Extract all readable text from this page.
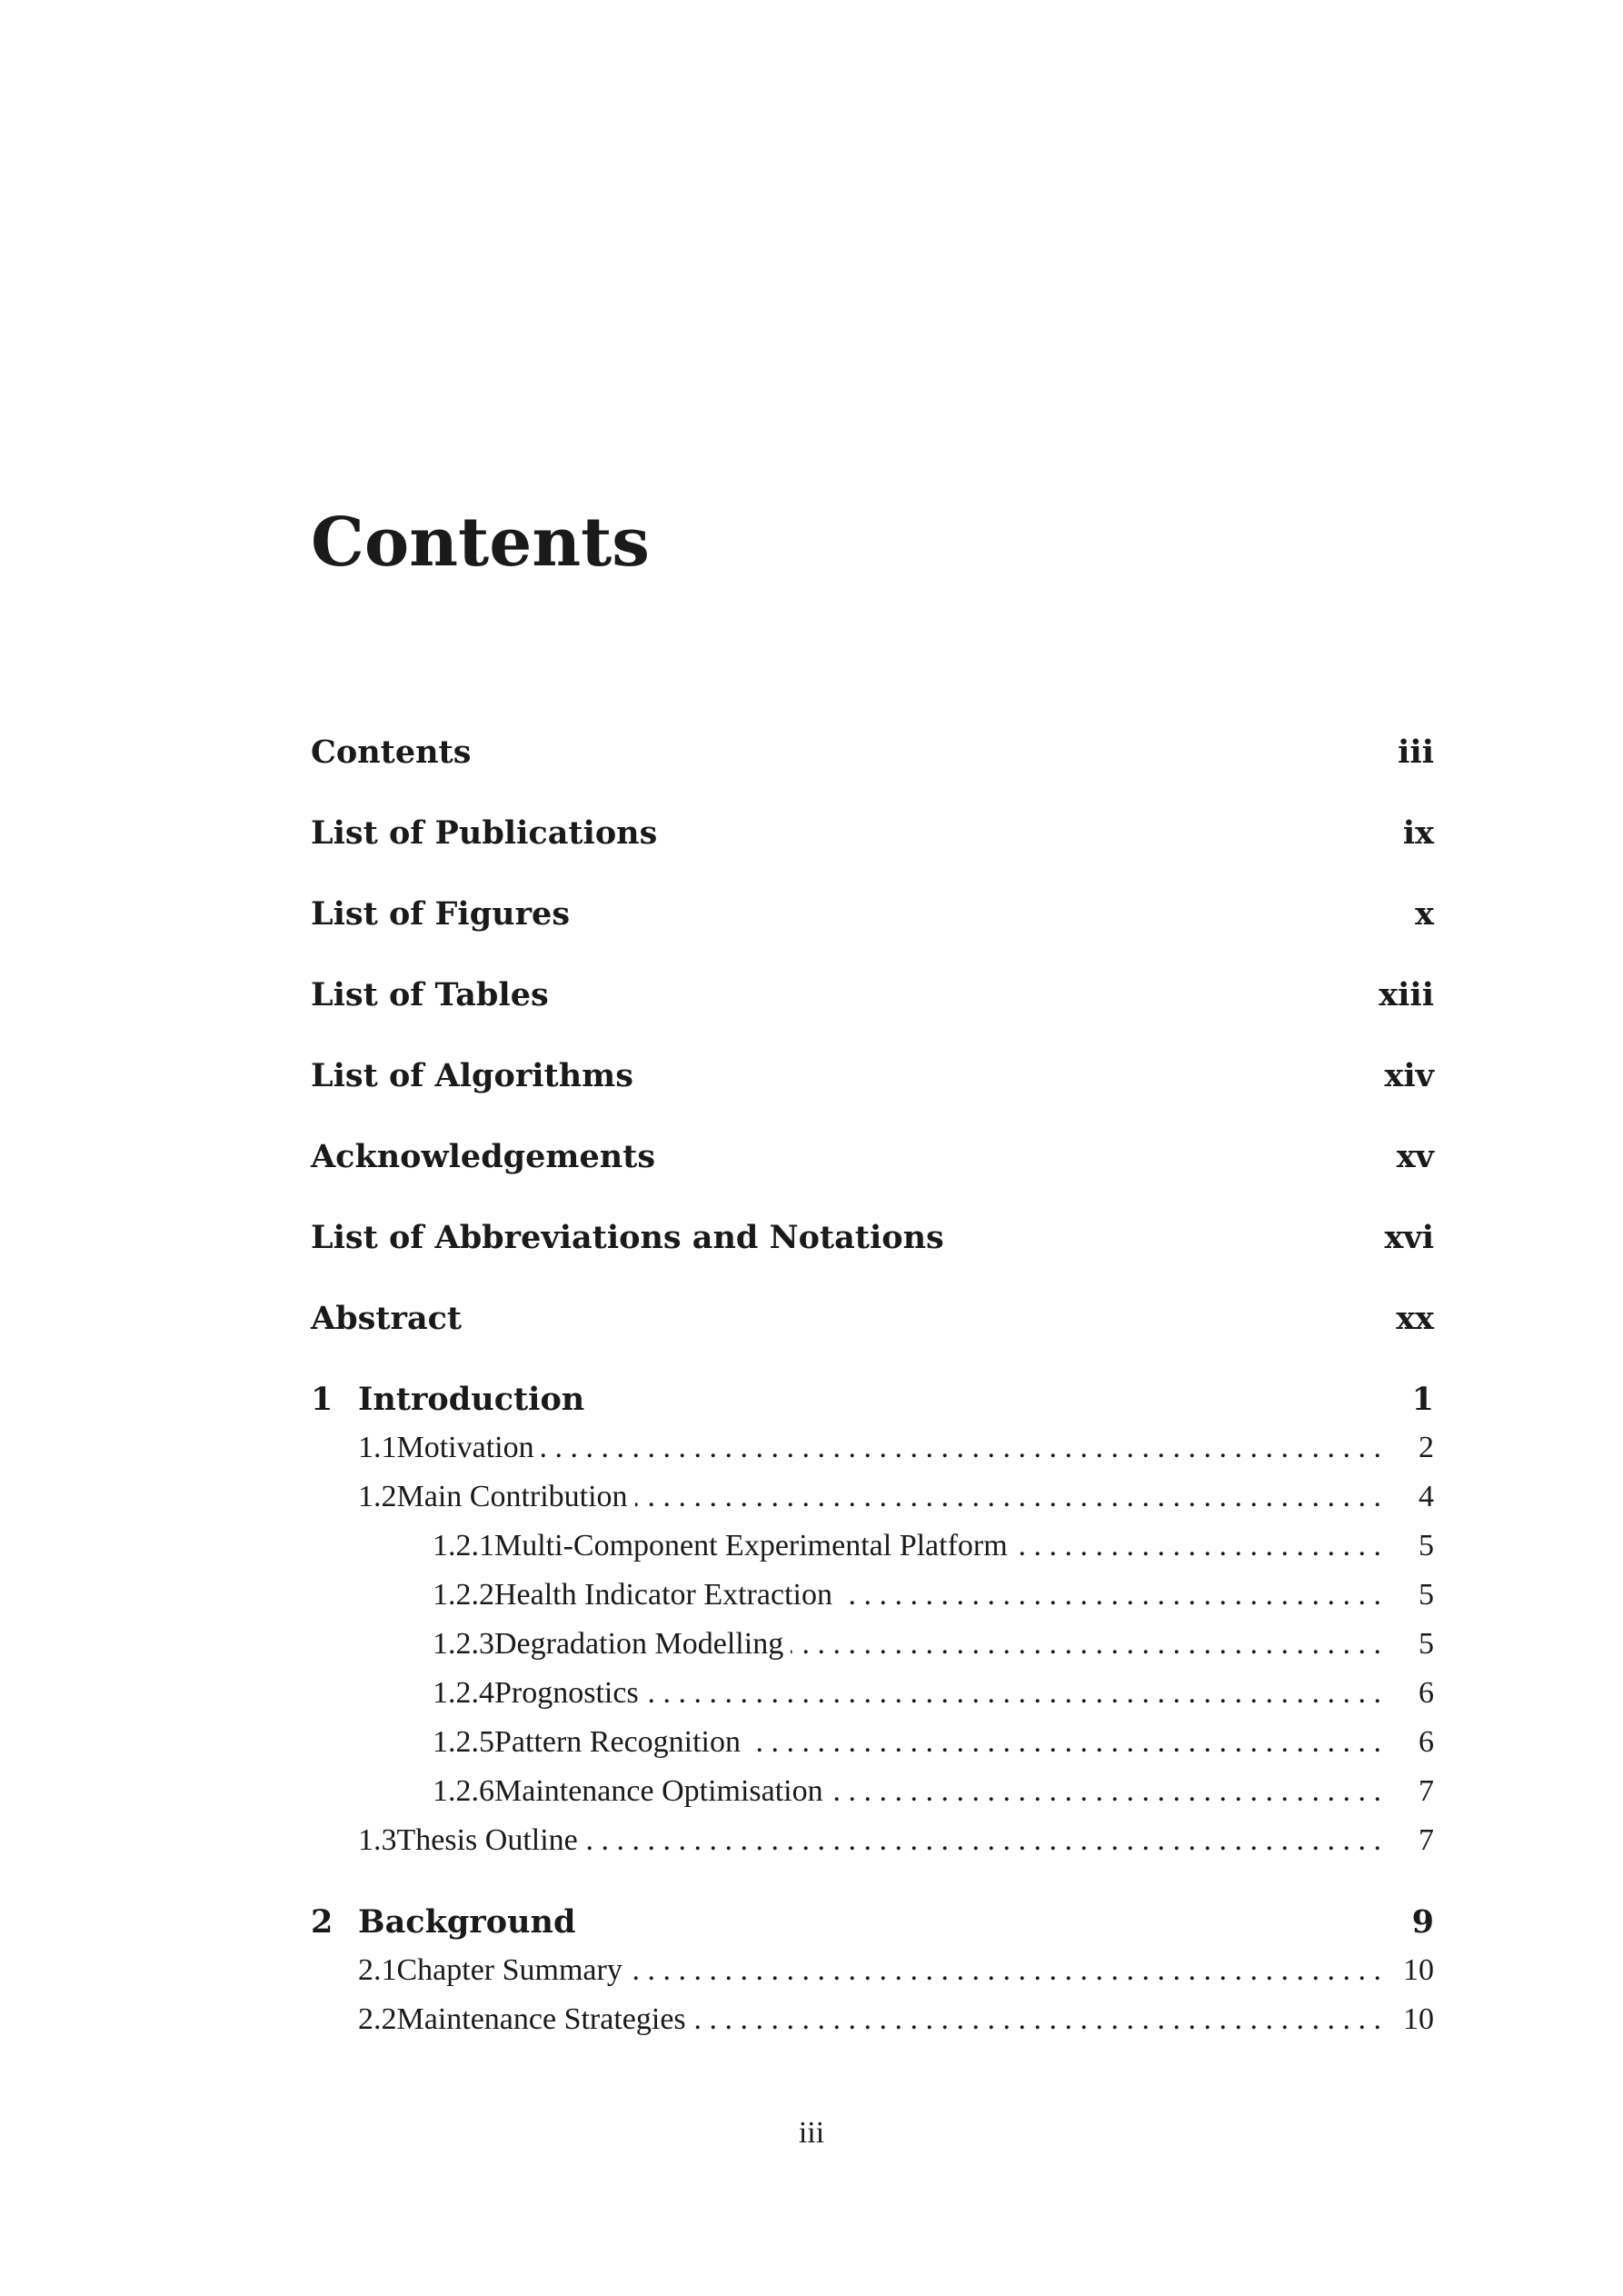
Contents
Contents	iii
List of Publications	ix
List of Figures	x
List of Tables	xiii
List of Algorithms	xiv
Acknowledgements	xv
List of Abbreviations and Notations	xvi
Abstract	xx
1 Introduction	1
1.1 Motivation . . .	2
1.2 Main Contribution . . .	4
1.2.1 Multi-Component Experimental Platform . . .	5
1.2.2 Health Indicator Extraction . . .	5
1.2.3 Degradation Modelling . . .	5
1.2.4 Prognostics . . .	6
1.2.5 Pattern Recognition . . .	6
1.2.6 Maintenance Optimisation . . .	7
1.3 Thesis Outline . . .	7
2 Background	9
2.1 Chapter Summary . . .	10
2.2 Maintenance Strategies . . .	10
iii
